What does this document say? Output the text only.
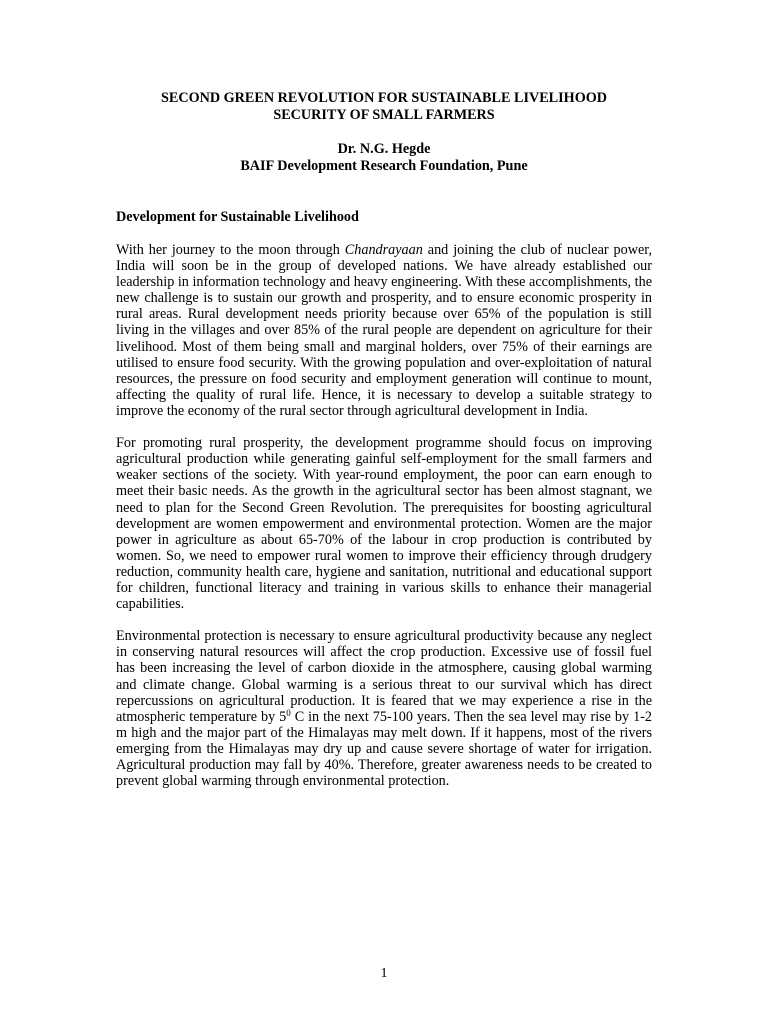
SECOND GREEN REVOLUTION FOR SUSTAINABLE LIVELIHOOD
SECURITY OF SMALL FARMERS
Dr. N.G. Hegde
BAIF Development Research Foundation, Pune
Development for Sustainable Livelihood

With her journey to the moon through Chandrayaan and joining the club of nuclear power, India will soon be in the group of developed nations. We have already established our leadership in information technology and heavy engineering. With these accomplishments, the new challenge is to sustain our growth and prosperity, and to ensure economic prosperity in rural areas. Rural development needs priority because over 65% of the population is still living in the villages and over 85% of the rural people are dependent on agriculture for their livelihood. Most of them being small and marginal holders, over 75% of their earnings are utilised to ensure food security. With the growing population and over-exploitation of natural resources, the pressure on food security and employment generation will continue to mount, affecting the quality of rural life. Hence, it is necessary to develop a suitable strategy to improve the economy of the rural sector through agricultural development in India.

For promoting rural prosperity, the development programme should focus on improving agricultural production while generating gainful self-employment for the small farmers and weaker sections of the society. With year-round employment, the poor can earn enough to meet their basic needs. As the growth in the agricultural sector has been almost stagnant, we need to plan for the Second Green Revolution. The prerequisites for boosting agricultural development are women empowerment and environmental protection. Women are the major power in agriculture as about 65-70% of the labour in crop production is contributed by women. So, we need to empower rural women to improve their efficiency through drudgery reduction, community health care, hygiene and sanitation, nutritional and educational support for children, functional literacy and training in various skills to enhance their managerial capabilities.

Environmental protection is necessary to ensure agricultural productivity because any neglect in conserving natural resources will affect the crop production. Excessive use of fossil fuel has been increasing the level of carbon dioxide in the atmosphere, causing global warming and climate change. Global warming is a serious threat to our survival which has direct repercussions on agricultural production. It is feared that we may experience a rise in the atmospheric temperature by $5^0$ C in the next 75-100 years. Then the sea level may rise by 1-2 m high and the major part of the Himalayas may melt down. If it happens, most of the rivers emerging from the Himalayas may dry up and cause severe shortage of water for irrigation. Agricultural production may fall by 40%. Therefore, greater awareness needs to be created to prevent global warming through environmental protection.

1
